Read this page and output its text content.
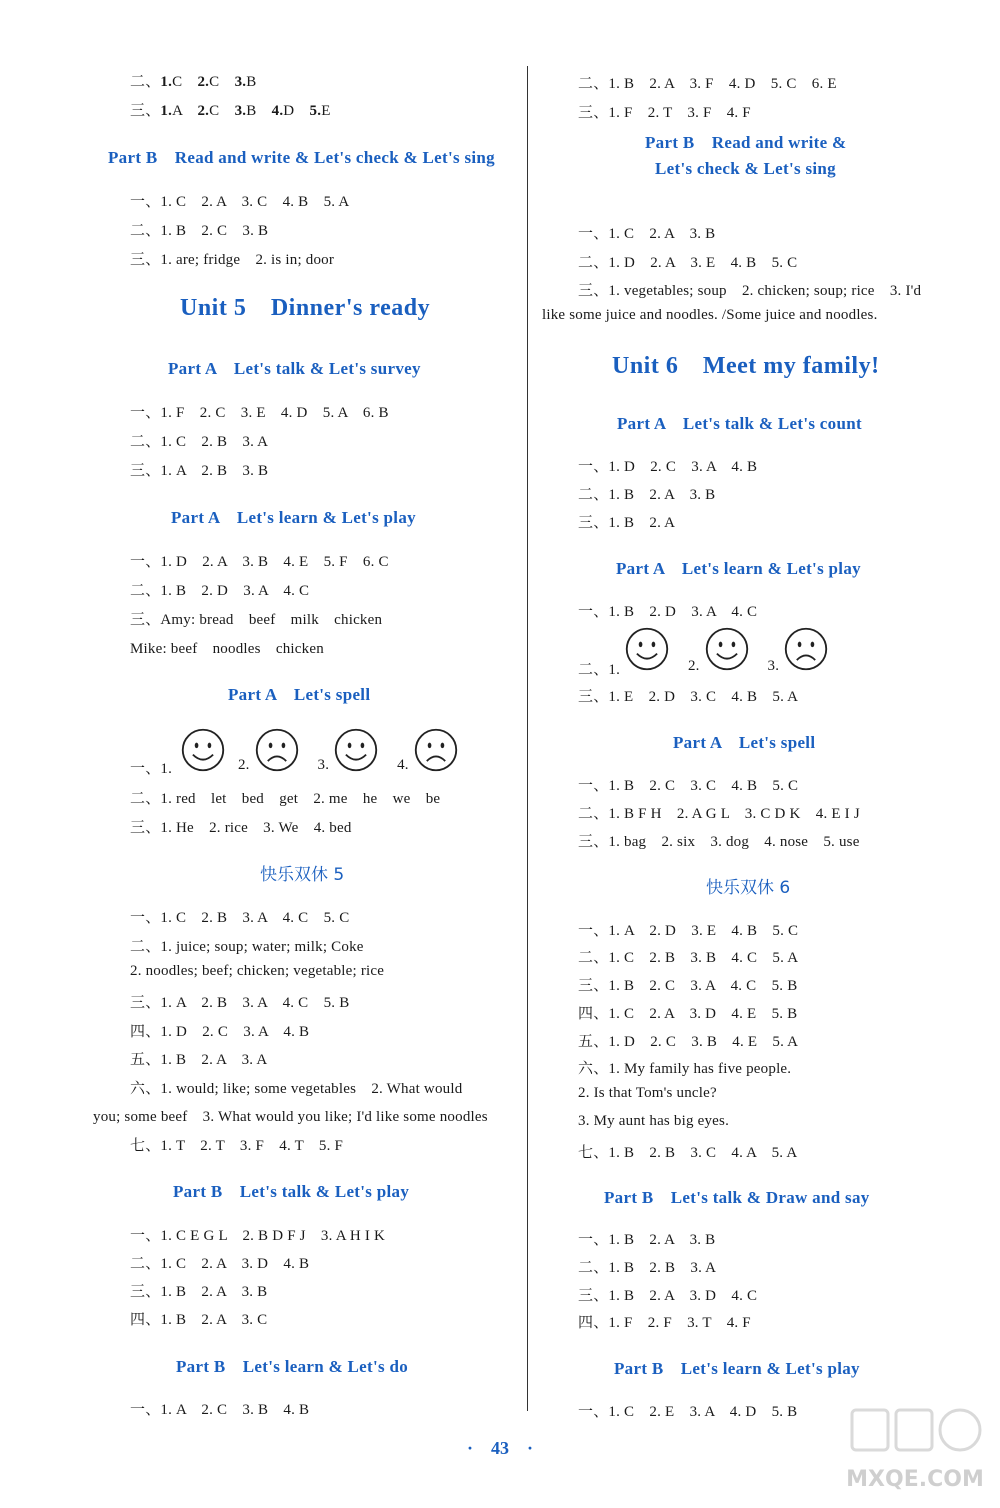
二、1.C　 2.C　 3.B
三、1.A　 2.C　 3.B　 4.D　 5.E
Part B　Read and write & Let's check & Let's sing
一、1. C　2. A　3. C　4. B　5. A
二、1. B　2. C　3. B
三、1. are; fridge　2. is in; door
Unit 5　Dinner's ready
Part A　Let's talk & Let's survey
一、1. F　2. C　3. E　4. D　5. A　6. B
二、1. C　2. B　3. A
三、1. A　2. B　3. B
Part A　Let's learn & Let's play
一、1. D　2. A　3. B　4. E　5. F　6. C
二、1. B　2. D　3. A　4. C
三、Amy: bread　beef　milk　chicken
Mike: beef　noodles　chicken
Part A　Let's spell
一、1.	2.	3.	4.
二、1. red　let　bed　get　2. me　he　we　be
三、1. He　2. rice　3. We　4. bed
快乐双休 5
一、1. C　2. B　3. A　4. C　5. C
二、1. juice; soup; water; milk; Coke
2. noodles; beef; chicken; vegetable; rice
三、1. A　2. B　3. A　4. C　5. B
四、1. D　2. C　3. A　4. B
五、1. B　2. A　3. A
六、1. would; like; some vegetables　2. What would
you; some beef　3. What would you like; I'd like some noodles
七、1. T　2. T　3. F　4. T　5. F
Part B　Let's talk & Let's play
一、1. C E G L　2. B D F J　3. A H I K
二、1. C　2. A　3. D　4. B
三、1. B　2. A　3. B
四、1. B　2. A　3. C
Part B　Let's learn & Let's do
一、1. A　2. C　3. B　4. B
二、1. B　2. A　3. F　4. D　5. C　6. E
三、1. F　2. T　3. F　4. F
Part B　Read and write &
Let's check & Let's sing
一、1. C　2. A　3. B
二、1. D　2. A　3. E　4. B　5. C
三、1. vegetables; soup　2. chicken; soup; rice　3. I'd
like some juice and noodles. /Some juice and noodles.
Unit 6　Meet my family!
Part A　Let's talk & Let's count
一、1. D　2. C　3. A　4. B
二、1. B　2. A　3. B
三、1. B　2. A
Part A　Let's learn & Let's play
一、1. B　2. D　3. A　4. C
二、1.	2.	3.
三、1. E　2. D　3. C　4. B　5. A
Part A　Let's spell
一、1. B　2. C　3. C　4. B　5. C
二、1. B F H　2. A G L　3. C D K　4. E I J
三、1. bag　2. six　3. dog　4. nose　5. use
快乐双休 6
一、1. A　2. D　3. E　4. B　5. C
二、1. C　2. B　3. B　4. C　5. A
三、1. B　2. C　3. A　4. C　5. B
四、1. C　2. A　3. D　4. E　5. B
五、1. D　2. C　3. B　4. E　5. A
六、1. My family has five people.
2. Is that Tom's uncle?
3. My aunt has big eyes.
七、1. B　2. B　3. C　4. A　5. A
Part B　Let's talk & Draw and say
一、1. B　2. A　3. B
二、1. B　2. B　3. A
三、1. B　2. A　3. D　4. C
四、1. F　2. F　3. T　4. F
Part B　Let's learn & Let's play
一、1. C　2. E　3. A　4. D　5. B
·　43　·
MXQE.COM
